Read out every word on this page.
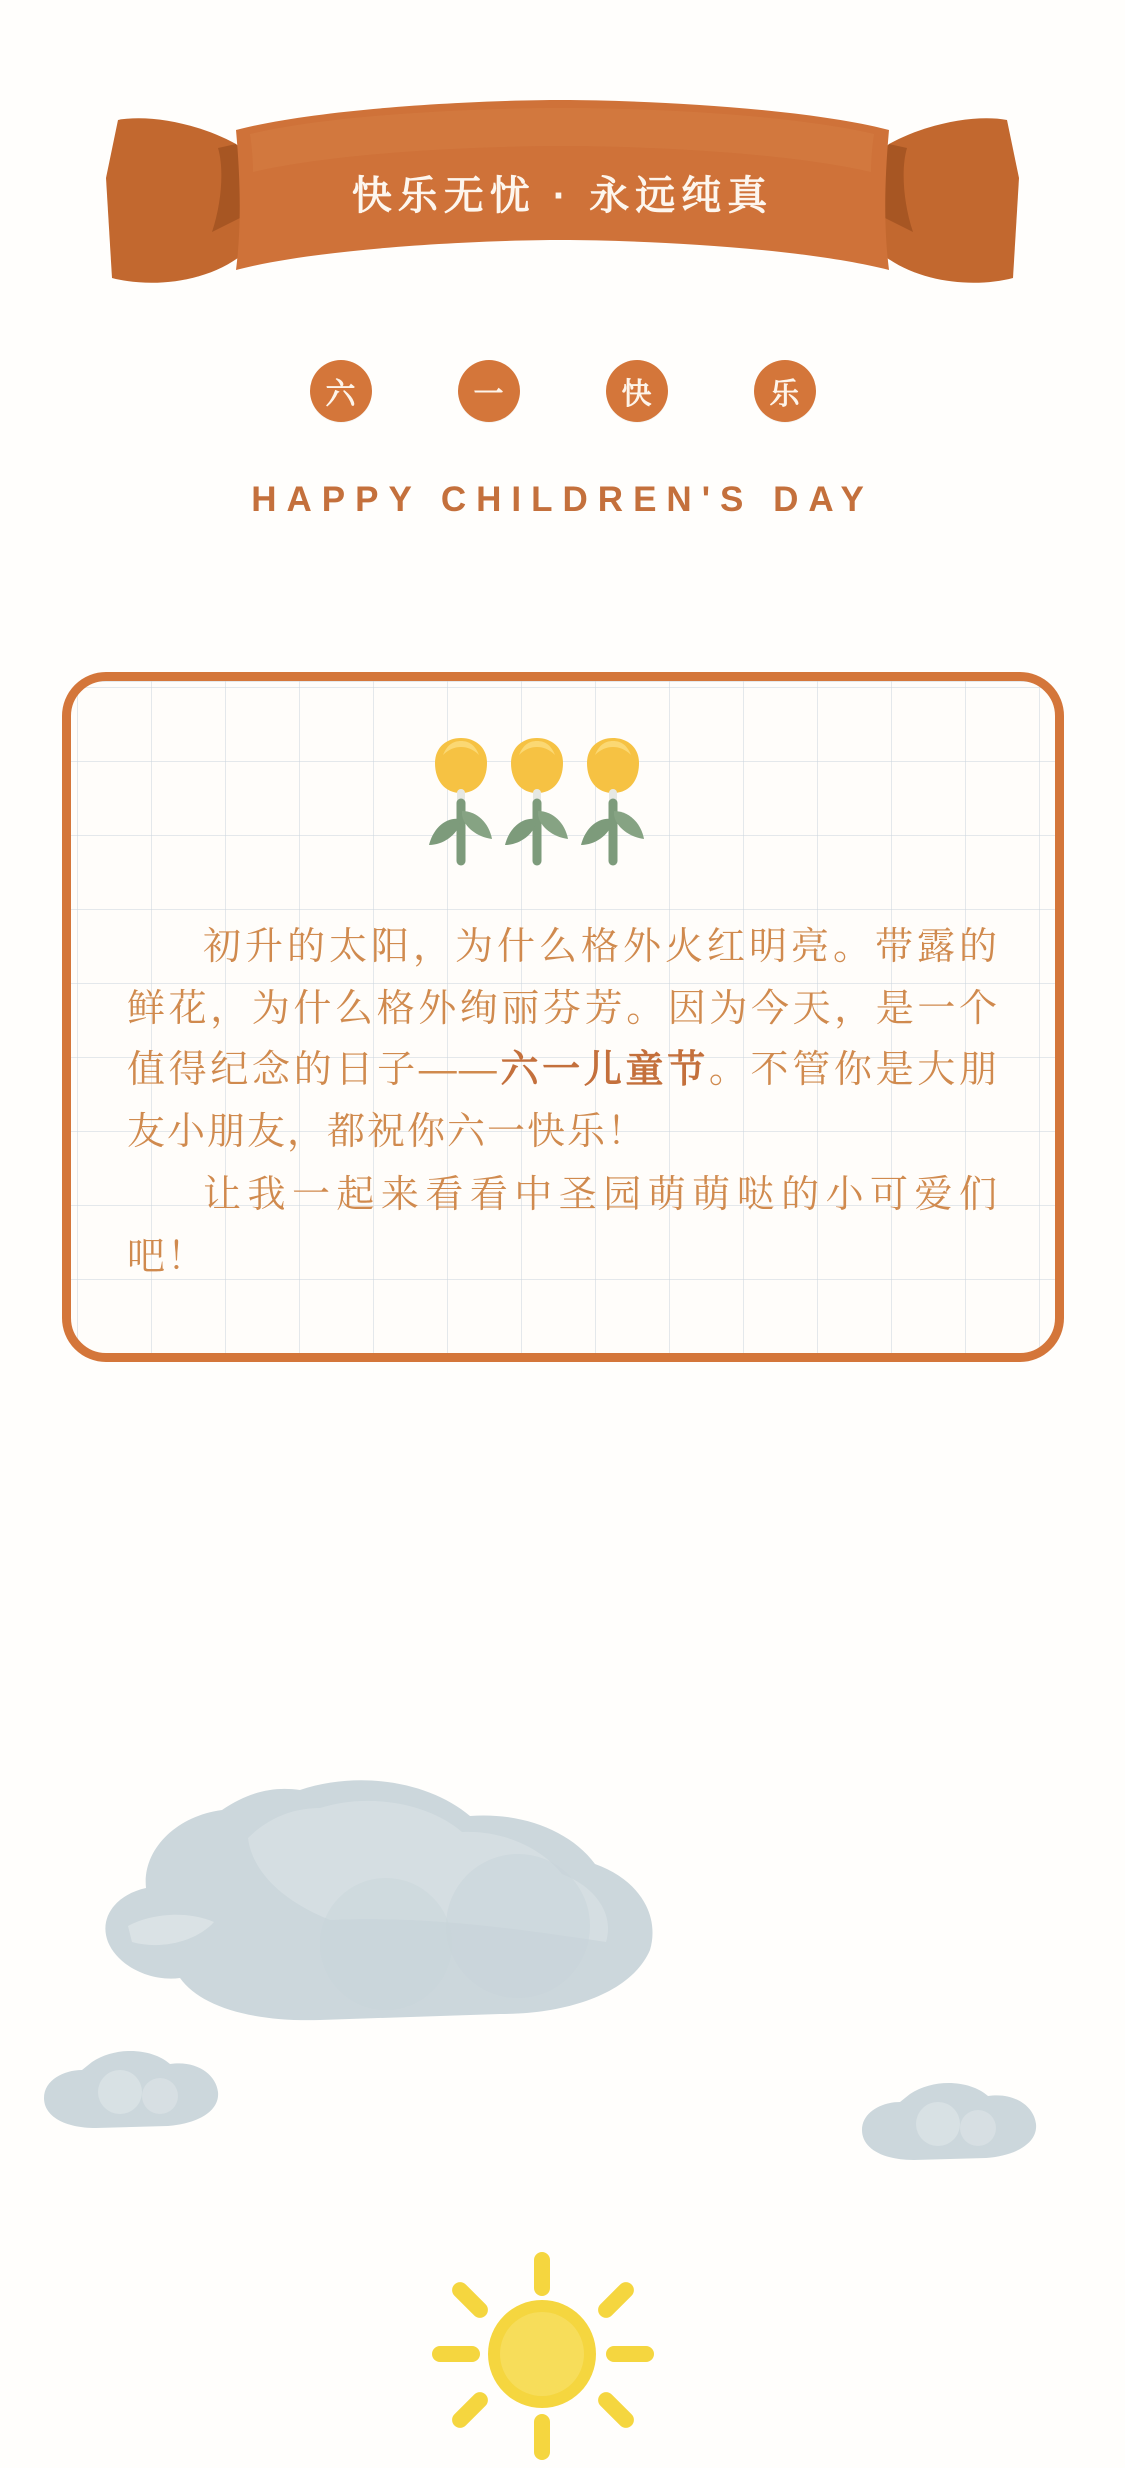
快乐无忧 · 永远纯真
六	一	快	乐
HAPPY CHILDREN'S DAY

初升的太阳，为什么格外火红明亮。带露的鲜花，为什么格外绚丽芬芳。因为今天，是一个值得纪念的日子——六一儿童节。不管你是大朋友小朋友，都祝你六一快乐！

让我一起来看看中圣园萌萌哒的小可爱们吧！
